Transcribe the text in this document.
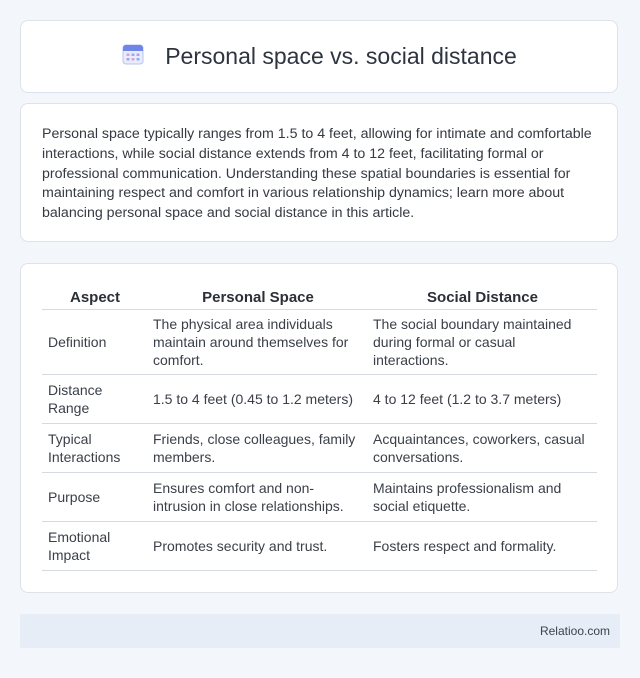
Personal space vs. social distance

Personal space typically ranges from 1.5 to 4 feet, allowing for intimate and comfortable interactions, while social distance extends from 4 to 12 feet, facilitating formal or professional communication. Understanding these spatial boundaries is essential for maintaining respect and comfort in various relationship dynamics; learn more about balancing personal space and social distance in this article.

Aspect	Personal Space	Social Distance
Definition	The physical area individuals maintain around themselves for comfort.	The social boundary maintained during formal or casual interactions.
Distance Range	1.5 to 4 feet (0.45 to 1.2 meters)	4 to 12 feet (1.2 to 3.7 meters)
Typical Interactions	Friends, close colleagues, family members.	Acquaintances, coworkers, casual conversations.
Purpose	Ensures comfort and non-intrusion in close relationships.	Maintains professionalism and social etiquette.
Emotional Impact	Promotes security and trust.	Fosters respect and formality.
Relatioo.com
